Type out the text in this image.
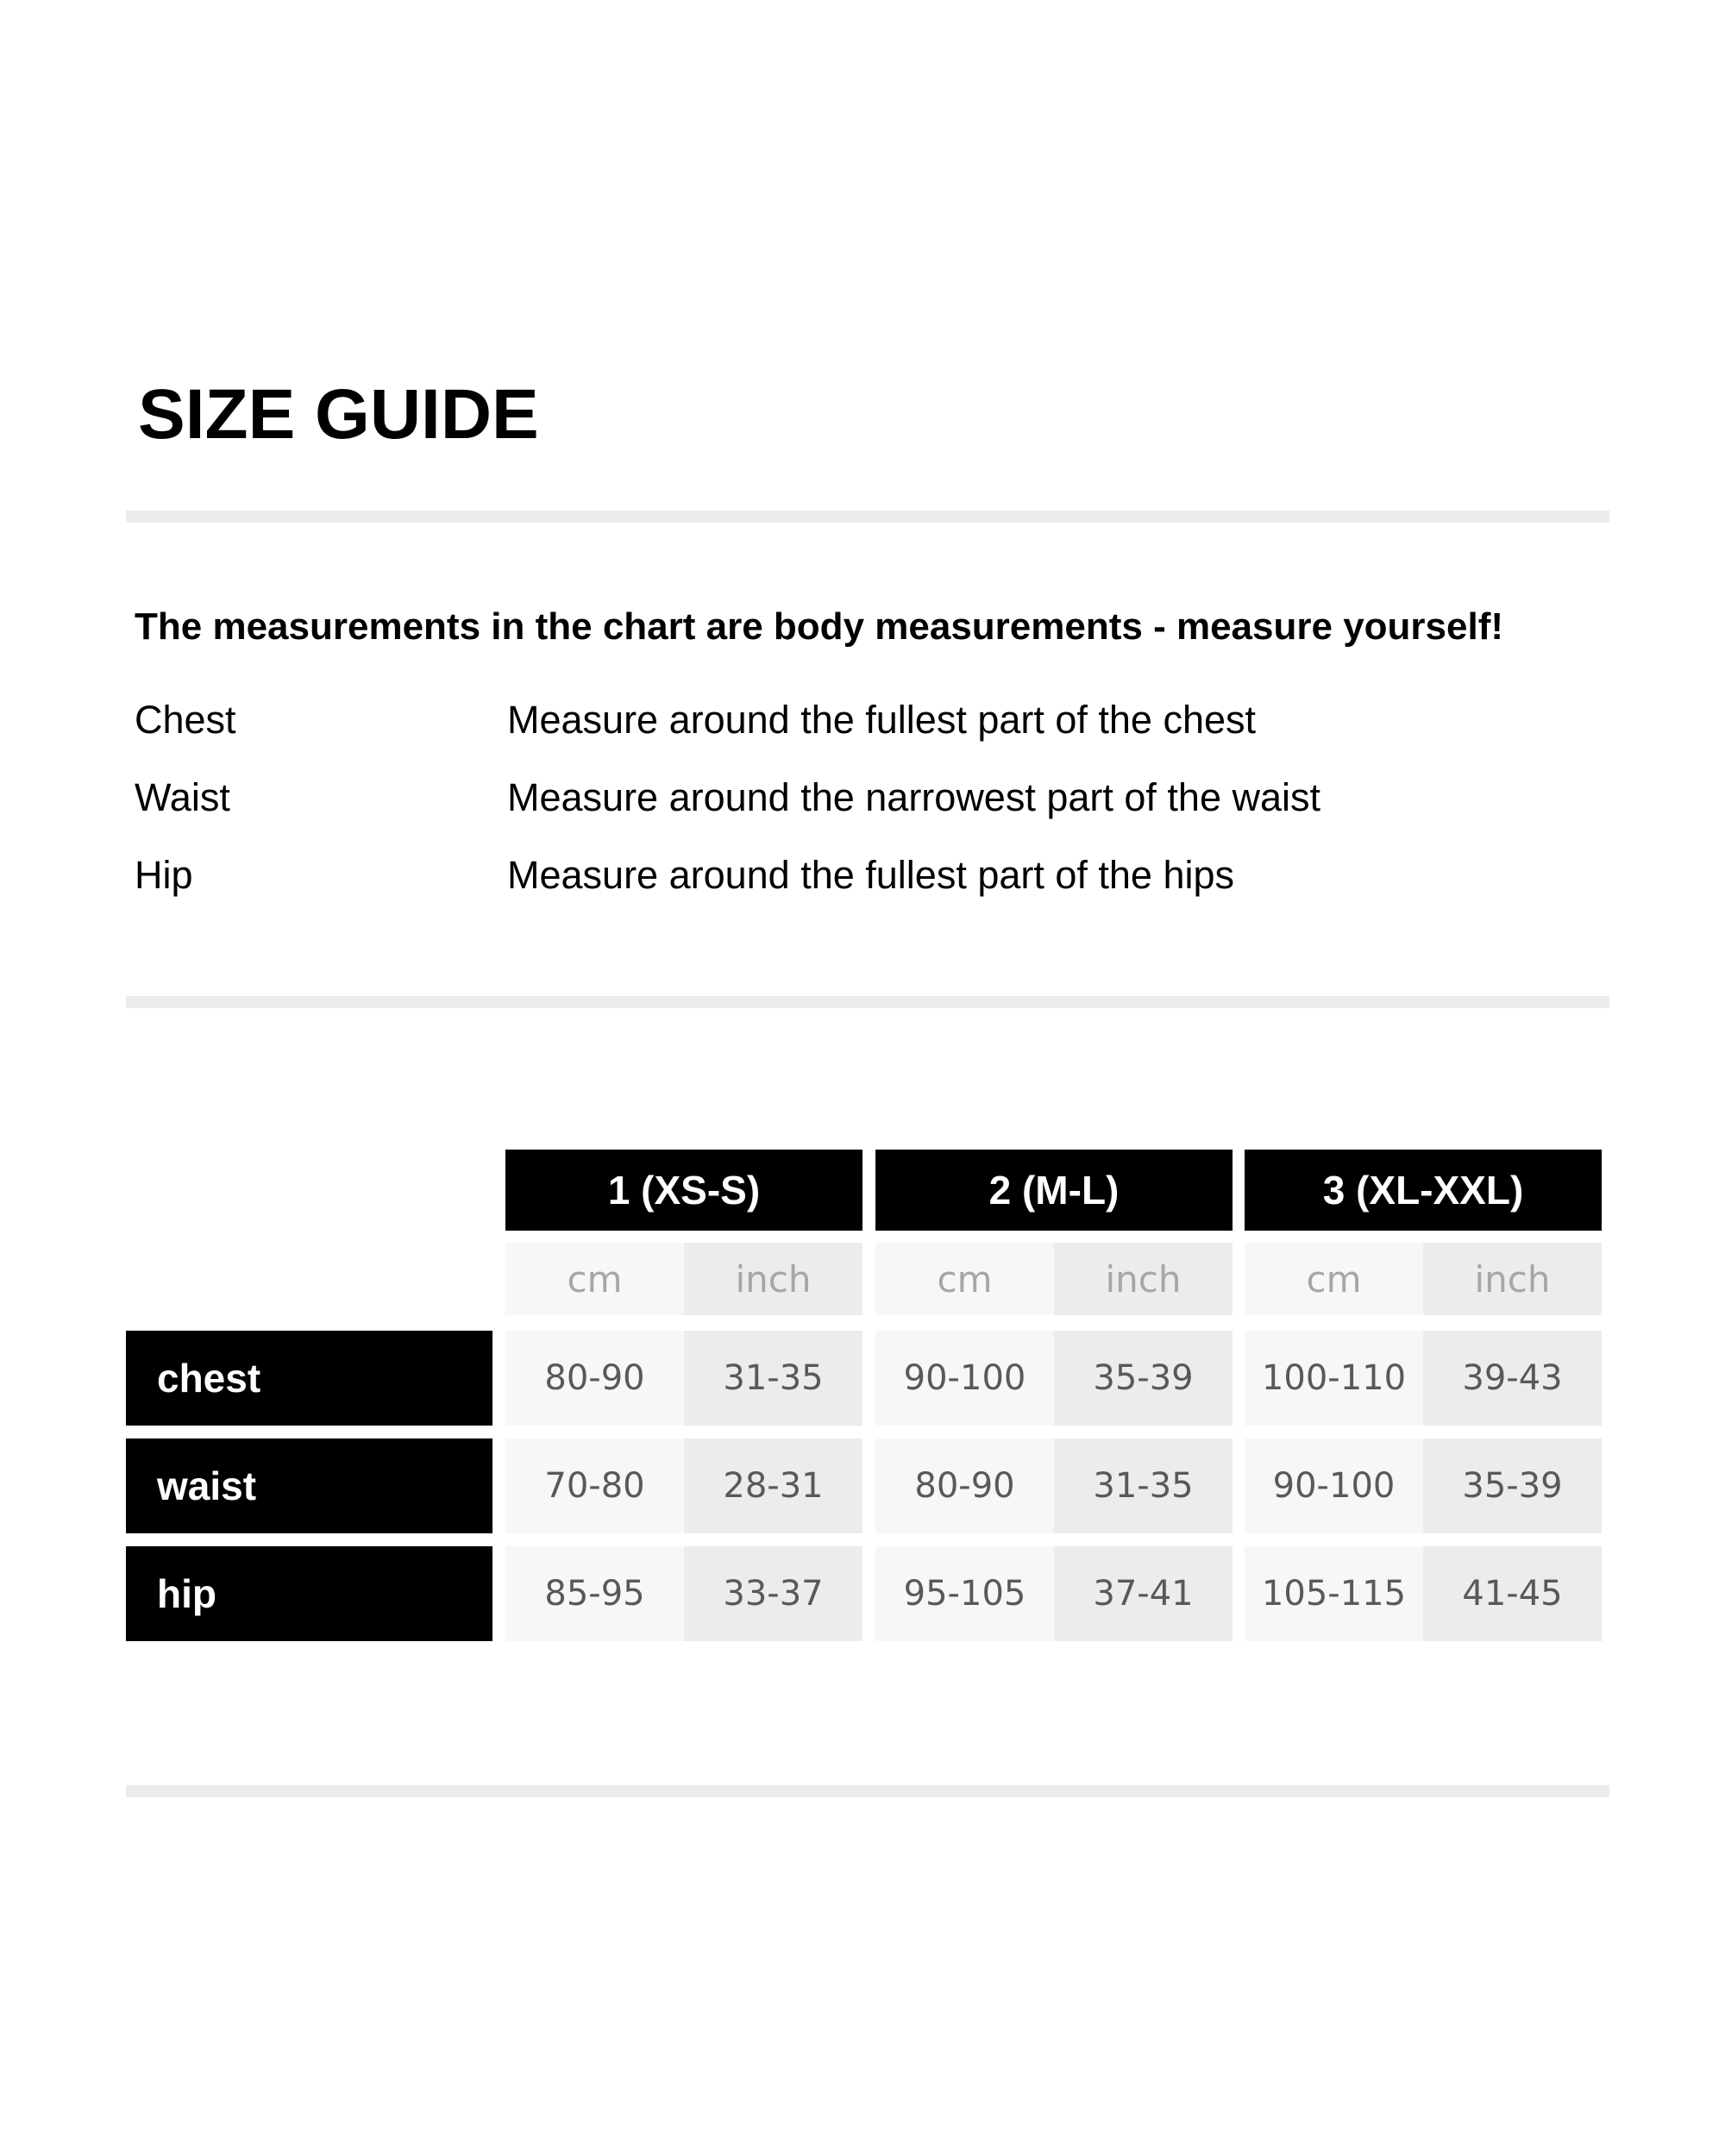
SIZE GUIDE

The measurements in the chart are body measurements - measure yourself!

Chest	Measure around the fullest part of the chest
Waist	Measure around the narrowest part of the waist
Hip	Measure around the fullest part of the hips
1 (XS-S)	2 (M-L)	3 (XL-XXL)
cm	inch	cm	inch	cm	inch
chest	80-90	31-35	90-100	35-39	100-110	39-43
waist	70-80	28-31	80-90	31-35	90-100	35-39
hip	85-95	33-37	95-105	37-41	105-115	41-45
